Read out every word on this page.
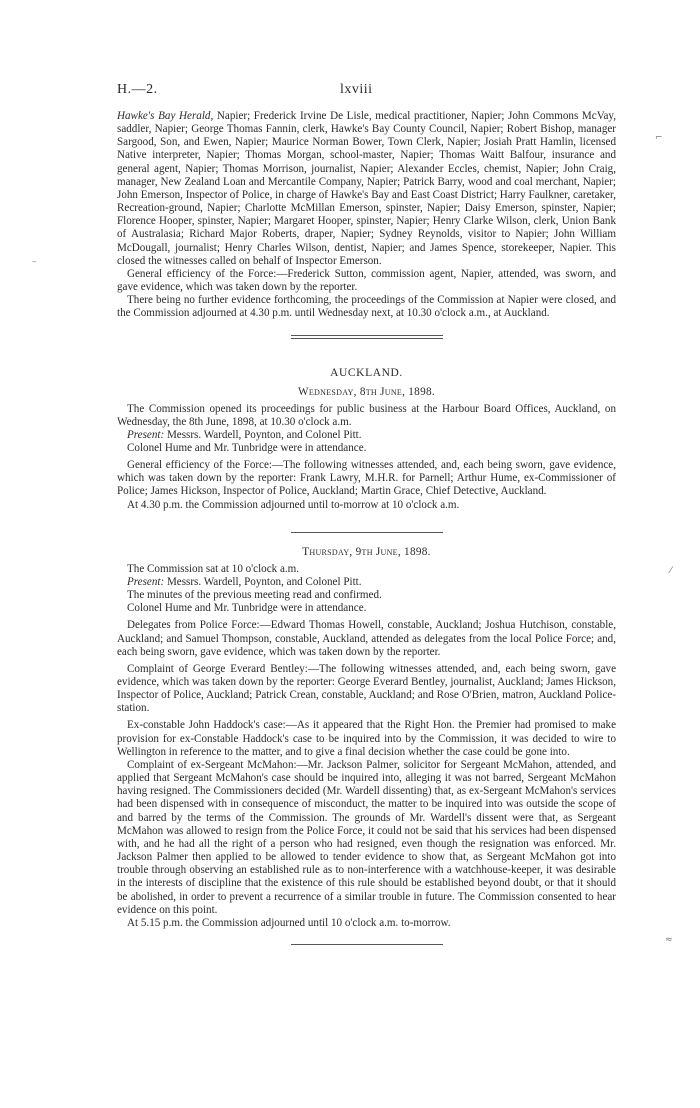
H.—2.	lxviii

Hawke's Bay Herald, Napier; Frederick Irvine De Lisle, medical practitioner, Napier; John Commons McVay, saddler, Napier; George Thomas Fannin, clerk, Hawke's Bay County Council, Napier; Robert Bishop, manager Sargood, Son, and Ewen, Napier; Maurice Norman Bower, Town Clerk, Napier; Josiah Pratt Hamlin, licensed Native interpreter, Napier; Thomas Morgan, school-master, Napier; Thomas Waitt Balfour, insurance and general agent, Napier; Thomas Morrison, journalist, Napier; Alexander Eccles, chemist, Napier; John Craig, manager, New Zealand Loan and Mercantile Company, Napier; Patrick Barry, wood and coal merchant, Napier; John Emerson, Inspector of Police, in charge of Hawke's Bay and East Coast District; Harry Faulkner, caretaker, Recreation-ground, Napier; Charlotte McMillan Emerson, spinster, Napier; Daisy Emerson, spinster, Napier; Florence Hooper, spinster, Napier; Margaret Hooper, spinster, Napier; Henry Clarke Wilson, clerk, Union Bank of Australasia; Richard Major Roberts, draper, Napier; Sydney Reynolds, visitor to Napier; John William McDougall, journalist; Henry Charles Wilson, dentist, Napier; and James Spence, storekeeper, Napier. This closed the witnesses called on behalf of Inspector Emerson.

General efficiency of the Force:—Frederick Sutton, commission agent, Napier, attended, was sworn, and gave evidence, which was taken down by the reporter.

There being no further evidence forthcoming, the proceedings of the Commission at Napier were closed, and the Commission adjourned at 4.30 p.m. until Wednesday next, at 10.30 o'clock a.m., at Auckland.

AUCKLAND.
Wednesday, 8th June, 1898.

The Commission opened its proceedings for public business at the Harbour Board Offices, Auckland, on Wednesday, the 8th June, 1898, at 10.30 o'clock a.m.

Present: Messrs. Wardell, Poynton, and Colonel Pitt.

Colonel Hume and Mr. Tunbridge were in attendance.

General efficiency of the Force:—The following witnesses attended, and, each being sworn, gave evidence, which was taken down by the reporter: Frank Lawry, M.H.R. for Parnell; Arthur Hume, ex-Commissioner of Police; James Hickson, Inspector of Police, Auckland; Martin Grace, Chief Detective, Auckland.

At 4.30 p.m. the Commission adjourned until to-morrow at 10 o'clock a.m.

Thursday, 9th June, 1898.

The Commission sat at 10 o'clock a.m.

Present: Messrs. Wardell, Poynton, and Colonel Pitt.

The minutes of the previous meeting read and confirmed.

Colonel Hume and Mr. Tunbridge were in attendance.

Delegates from Police Force:—Edward Thomas Howell, constable, Auckland; Joshua Hutchison, constable, Auckland; and Samuel Thompson, constable, Auckland, attended as delegates from the local Police Force; and, each being sworn, gave evidence, which was taken down by the reporter.

Complaint of George Everard Bentley:—The following witnesses attended, and, each being sworn, gave evidence, which was taken down by the reporter: George Everard Bentley, journalist, Auckland; James Hickson, Inspector of Police, Auckland; Patrick Crean, constable, Auckland; and Rose O'Brien, matron, Auckland Police-station.

Ex-constable John Haddock's case:—As it appeared that the Right Hon. the Premier had promised to make provision for ex-Constable Haddock's case to be inquired into by the Commission, it was decided to wire to Wellington in reference to the matter, and to give a final decision whether the case could be gone into.

Complaint of ex-Sergeant McMahon:—Mr. Jackson Palmer, solicitor for Sergeant McMahon, attended, and applied that Sergeant McMahon's case should be inquired into, alleging it was not barred, Sergeant McMahon having resigned. The Commissioners decided (Mr. Wardell dissenting) that, as ex-Sergeant McMahon's services had been dispensed with in consequence of misconduct, the matter to be inquired into was outside the scope of and barred by the terms of the Commission. The grounds of Mr. Wardell's dissent were that, as Sergeant McMahon was allowed to resign from the Police Force, it could not be said that his services had been dispensed with, and he had all the right of a person who had resigned, even though the resignation was enforced. Mr. Jackson Palmer then applied to be allowed to tender evidence to show that, as Sergeant McMahon got into trouble through observing an established rule as to non-interference with a watchhouse-keeper, it was desirable in the interests of discipline that the existence of this rule should be established beyond doubt, or that it should be abolished, in order to prevent a recurrence of a similar trouble in future. The Commission consented to hear evidence on this point.

At 5.15 p.m. the Commission adjourned until 10 o'clock a.m. to-morrow.

–
⌐
⁄
≈
